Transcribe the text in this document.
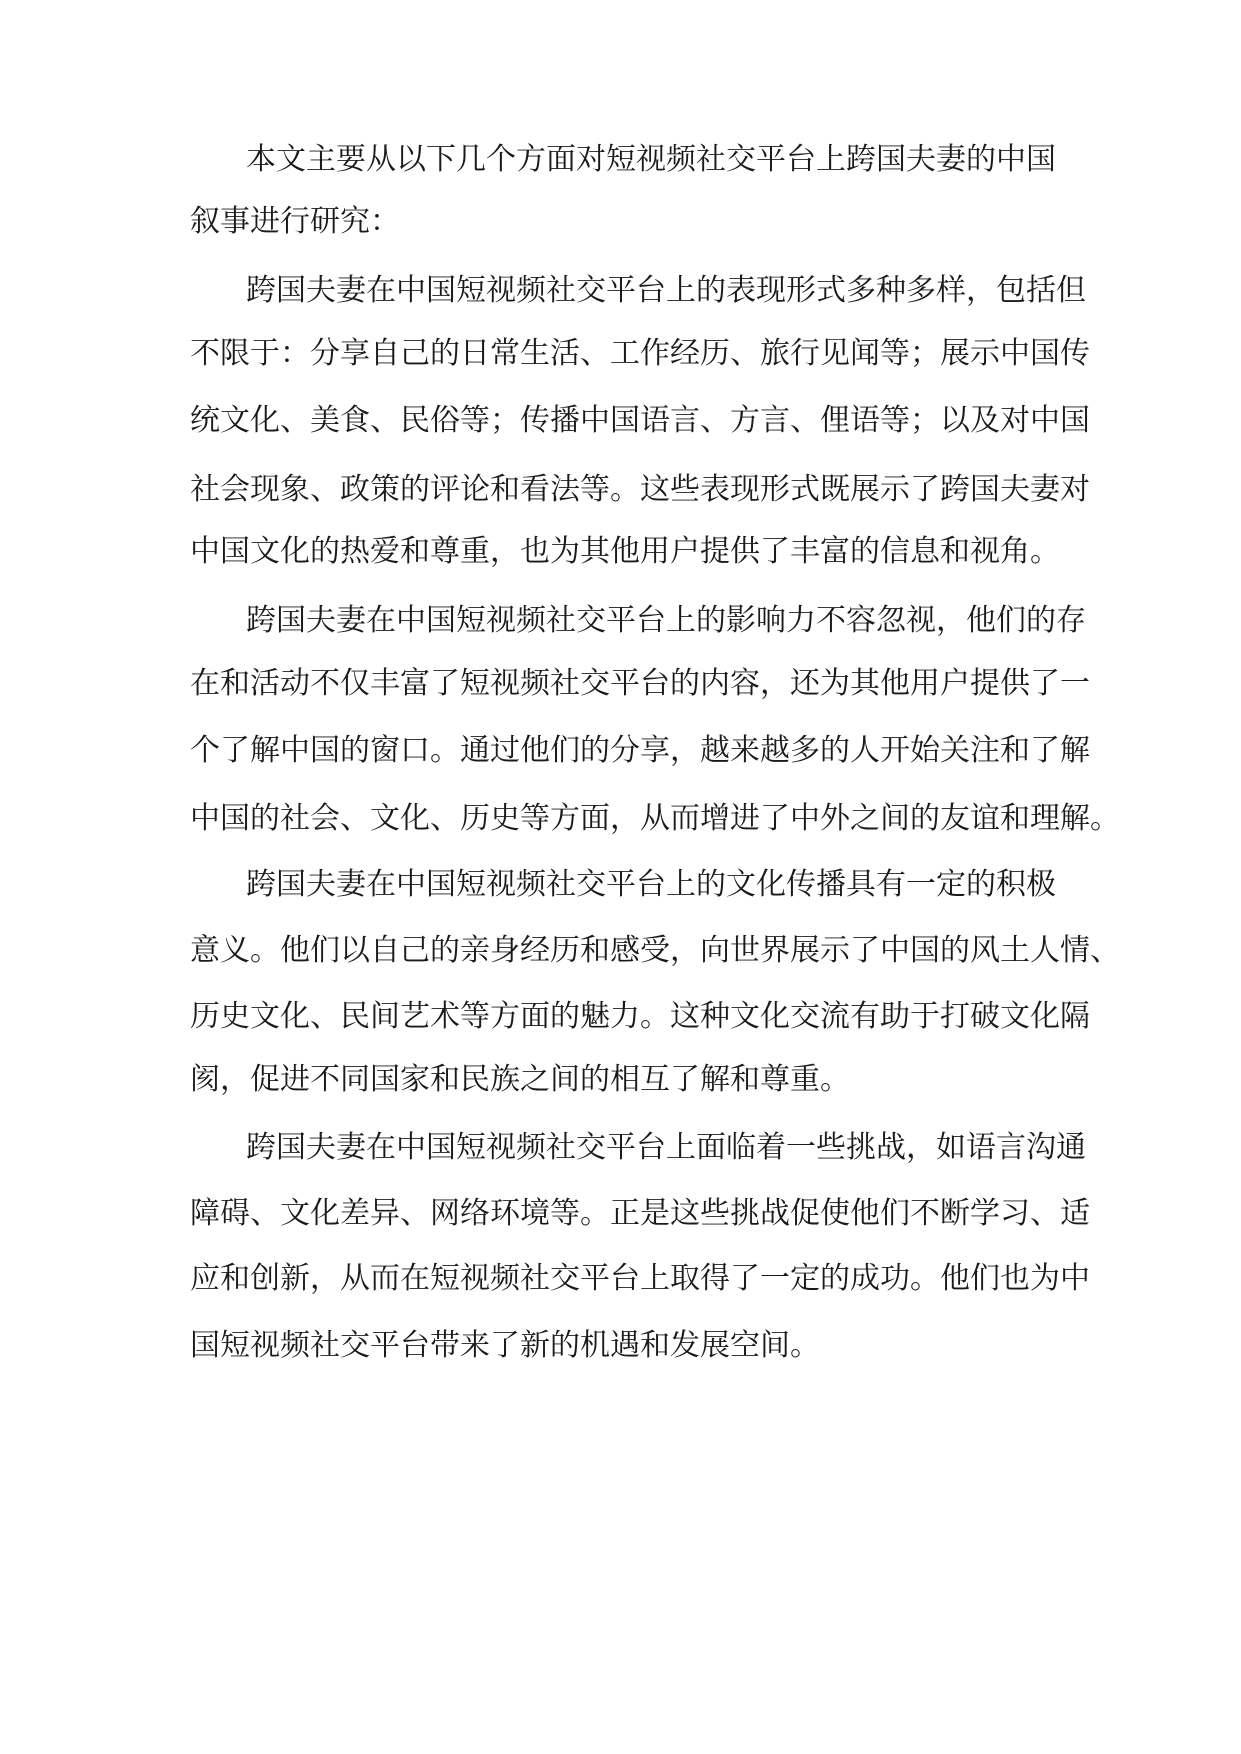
本文主要从以下几个方面对短视频社交平台上跨国夫妻的中国

叙事进行研究：

跨国夫妻在中国短视频社交平台上的表现形式多种多样，包括但

不限于：分享自己的日常生活、工作经历、旅行见闻等；展示中国传

统文化、美食、民俗等；传播中国语言、方言、俚语等；以及对中国

社会现象、政策的评论和看法等。这些表现形式既展示了跨国夫妻对

中国文化的热爱和尊重，也为其他用户提供了丰富的信息和视角。

跨国夫妻在中国短视频社交平台上的影响力不容忽视，他们的存

在和活动不仅丰富了短视频社交平台的内容，还为其他用户提供了一

个了解中国的窗口。通过他们的分享，越来越多的人开始关注和了解

中国的社会、文化、历史等方面，从而增进了中外之间的友谊和理解。

跨国夫妻在中国短视频社交平台上的文化传播具有一定的积极

意义。他们以自己的亲身经历和感受，向世界展示了中国的风土人情、

历史文化、民间艺术等方面的魅力。这种文化交流有助于打破文化隔

阂，促进不同国家和民族之间的相互了解和尊重。

跨国夫妻在中国短视频社交平台上面临着一些挑战，如语言沟通

障碍、文化差异、网络环境等。正是这些挑战促使他们不断学习、适

应和创新，从而在短视频社交平台上取得了一定的成功。他们也为中

国短视频社交平台带来了新的机遇和发展空间。
